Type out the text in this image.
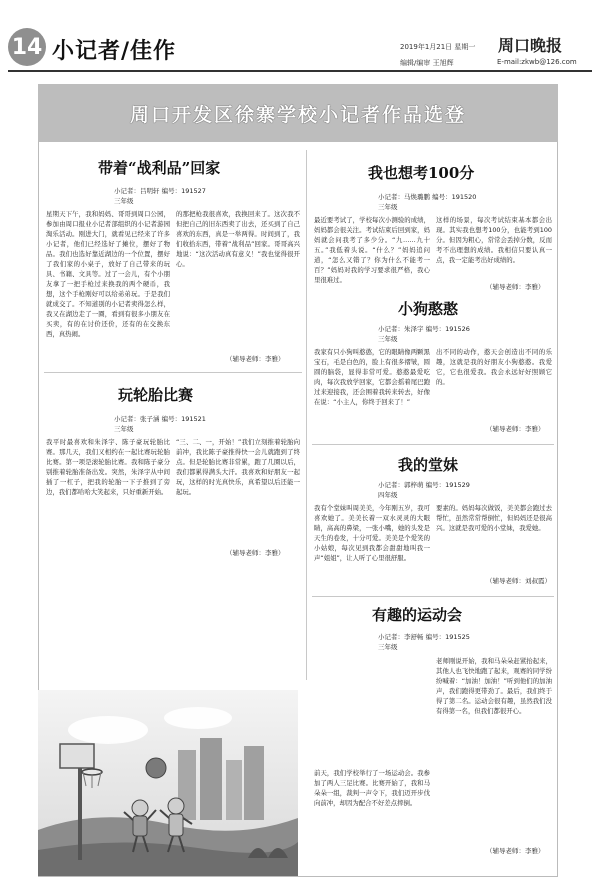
14 小记者/佳作	2019年1月21日 星期一 周口晚报
编辑/编审 王旭辉	E-mail:zkwb@126.com
周口开发区徐寨学校小记者作品选登
带着“战利品”回家
小记者：吕明轩 编号：191527
三年级
星期天下午，我和妈妈、哥哥到周口公园，参加由周口报业小记者部组织的小记者游园淘乐活动。刚进大门，就看见已经来了许多小记者，他们已经选好了摊位，摆好了物品。我们也选好靠近湖边的一个位置，摆好了我们家的小桌子，放好了自己带来的玩具、书籍、文具等。过了一会儿，有个小朋友拿了一把手枪过来换我的两个硬币，我想，这个手枪刚好可以给弟弟玩。于是我们就成交了。不知道别的小记者卖得怎么样，我又在湖边走了一圈，看到有很多小朋友在买卖，有的在讨价还价，还有的在交换东西，真热闹。
的那把枪我很喜欢，我换回来了。这次我不但把自己的旧东西卖了出去，还买到了自己喜欢的东西，真是一举两得。时间到了，我们收拾东西，带着“战利品”回家。哥哥高兴地说：“这次活动真有意义！”我也觉得很开心。
（辅导老师：李雅）
玩轮胎比赛
小记者：张子涵 编号：191521
三年级
我平时最喜欢和朱泽宇、陈子豪玩轮胎比赛。那几天，我们又相约在一起比赛玩轮胎比赛。第一项是滚轮胎比赛。我和陈子豪分别推着轮胎准备出发。突然，朱泽宇从中间插了一杠子，把我的轮胎一下子推到了旁边，我们都哈哈大笑起来，只好重新开始。
“三、二、一，开始！”我们立刻推着轮胎向前冲，我比陈子豪推得快一会儿就跑到了终点。但是轮胎比赛非常累，跑了几圈以后，我们都累得满头大汗。我喜欢和好朋友一起玩，这样的时光真快乐，真希望以后还能一起玩。
（辅导老师：李雅）
我也想考100分
小记者：马焕璐鹏 编号：191520
三年级
最近要考试了，学校每次小测验的成绩，妈妈都会很关注。考试结束后回到家，妈妈就会问我考了多少分。“九……九十五。”我低着头说。“什么？”妈妈追问道，“怎么又错了？你为什么不能考一百？”妈妈对我的学习要求很严格，我心里很难过。
这样的场景，每次考试结束基本都会出现。其实我也想考100分，也能考到100分。但因为粗心，常常会丢掉分数，反而考不出理想的成绩。我相信只要认真一点，我一定能考出好成绩的。
（辅导老师：李雅）
小狗憨憨
小记者：朱泽宇 编号：191526
三年级
我家有只小狗叫憨憨，它的眼睛像两颗黑宝石，毛是白色的，脸上有很多褶皱，圆圆的脑袋，显得非常可爱。憨憨最爱吃肉，每次我放学回家，它都会摇着尾巴跑过来迎接我，还会围着我转来转去，好像在说：“小主人，你终于回来了！”
出不同的动作，憨天会创造出不同的乐趣，这就是我的好朋友小狗憨憨。我爱它，它也很爱我。我会永远好好照顾它的。
（辅导老师：李雅）
我的堂妹
小记者：郭梓萌 编号：191529
四年级
我有个堂妹叫周美美，今年刚五岁，我可喜欢她了。美美长着一双水灵灵的大眼睛，高高的鼻梁，一张小嘴，她的头发是天生的卷发，十分可爱。美美是个爱笑的小姑娘，每次见到我都会甜甜地叫我一声“姐姐”，让人听了心里很舒服。
要素的。妈妈每次做饭，美美都会跑过去帮忙，虽然常常帮倒忙，但妈妈还是很高兴。这就是我可爱的小堂妹，我爱她。
（辅导老师：刘叔霞）
有趣的运动会
小记者：李舒畅 编号：191525
三年级
前天，我们学校举行了一场运动会。我参加了两人三足比赛。比赛开始了，我和马朵朵一组，裁判一声令下，我们迈开步伐向前冲，却因为配合不好差点摔倒。
老师刚说开始，我和马朵朵赶紧抬起来，其他人也飞快地跑了起来，观赛的同学纷纷喊着：“加油！加油！”听到他们的加油声，我们跑得更带劲了。最后，我们终于得了第二名。运动会很有趣，虽然我们没有得第一名，但我们都很开心。
（辅导老师：李雅）
